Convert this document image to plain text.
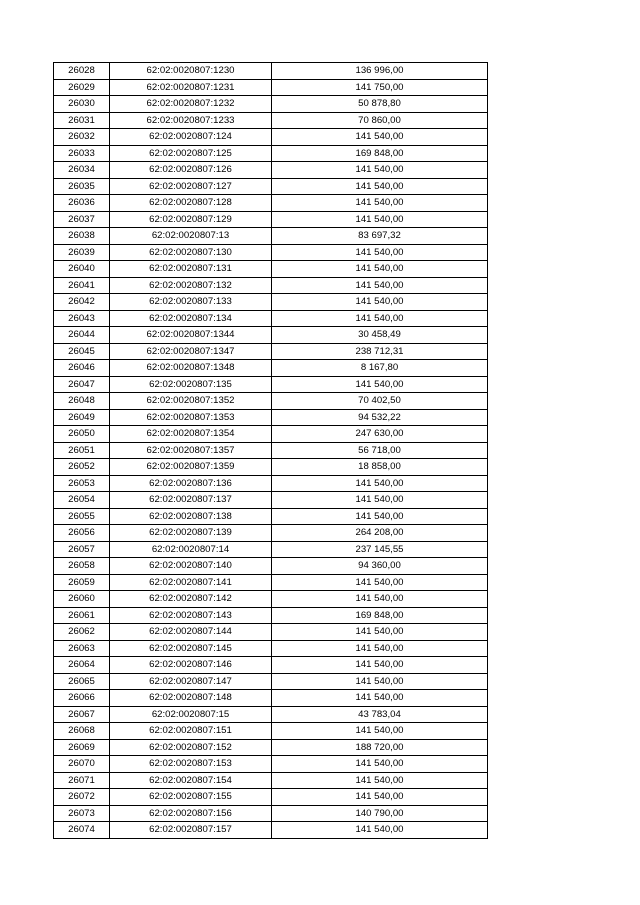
26028	62:02:0020807:1230	136 996,00
26029	62:02:0020807:1231	141 750,00
26030	62:02:0020807:1232	50 878,80
26031	62:02:0020807:1233	70 860,00
26032	62:02:0020807:124	141 540,00
26033	62:02:0020807:125	169 848,00
26034	62:02:0020807:126	141 540,00
26035	62:02:0020807:127	141 540,00
26036	62:02:0020807:128	141 540,00
26037	62:02:0020807:129	141 540,00
26038	62:02:0020807:13	83 697,32
26039	62:02:0020807:130	141 540,00
26040	62:02:0020807:131	141 540,00
26041	62:02:0020807:132	141 540,00
26042	62:02:0020807:133	141 540,00
26043	62:02:0020807:134	141 540,00
26044	62:02:0020807:1344	30 458,49
26045	62:02:0020807:1347	238 712,31
26046	62:02:0020807:1348	8 167,80
26047	62:02:0020807:135	141 540,00
26048	62:02:0020807:1352	70 402,50
26049	62:02:0020807:1353	94 532,22
26050	62:02:0020807:1354	247 630,00
26051	62:02:0020807:1357	56 718,00
26052	62:02:0020807:1359	18 858,00
26053	62:02:0020807:136	141 540,00
26054	62:02:0020807:137	141 540,00
26055	62:02:0020807:138	141 540,00
26056	62:02:0020807:139	264 208,00
26057	62:02:0020807:14	237 145,55
26058	62:02:0020807:140	94 360,00
26059	62:02:0020807:141	141 540,00
26060	62:02:0020807:142	141 540,00
26061	62:02:0020807:143	169 848,00
26062	62:02:0020807:144	141 540,00
26063	62:02:0020807:145	141 540,00
26064	62:02:0020807:146	141 540,00
26065	62:02:0020807:147	141 540,00
26066	62:02:0020807:148	141 540,00
26067	62:02:0020807:15	43 783,04
26068	62:02:0020807:151	141 540,00
26069	62:02:0020807:152	188 720,00
26070	62:02:0020807:153	141 540,00
26071	62:02:0020807:154	141 540,00
26072	62:02:0020807:155	141 540,00
26073	62:02:0020807:156	140 790,00
26074	62:02:0020807:157	141 540,00
